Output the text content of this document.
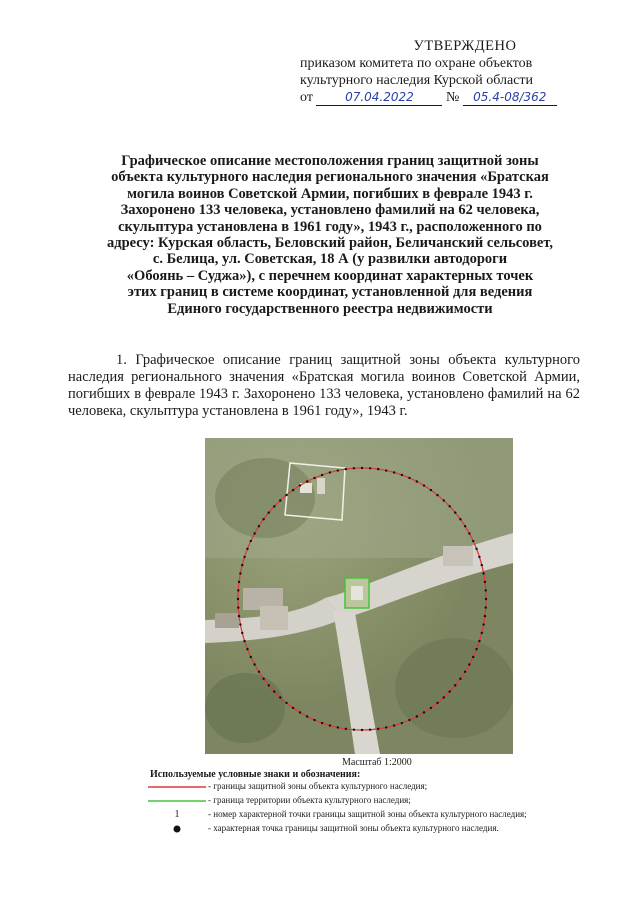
УТВЕРЖДЕНО
приказом комитета по охране объектов
культурного наследия Курской области
от	07.04.2022 № 05.4-08/362
Графическое описание местоположения границ защитной зоны
объекта культурного наследия регионального значения «Братская
могила воинов Советской Армии, погибших в феврале 1943 г.
Захоронено 133 человека, установлено фамилий на 62 человека,
скульптура установлена в 1961 году», 1943 г., расположенного по
адресу: Курская область, Беловский район, Беличанский сельсовет,
с. Белица, ул. Советская, 18 А (у развилки автодороги
«Обоянь – Суджа»), с перечнем координат характерных точек
этих границ в системе координат, установленной для ведения
Единого государственного реестра недвижимости
1. Графическое описание границ защитной зоны объекта культурного наследия регионального значения «Братская могила воинов Советской Армии, погибших в феврале 1943 г. Захоронено 133 человека, установлено фамилий на 62 человека, скульптура установлена в 1961 году», 1943 г.
Масштаб 1:2000
Используемые условные знаки и обозначения:
- границы защитной зоны объекта культурного наследия;
- граница территории объекта культурного наследия;
1	- номер характерной точки границы защитной зоны объекта культурного наследия;
- характерная точка границы защитной зоны объекта культурного наследия.
